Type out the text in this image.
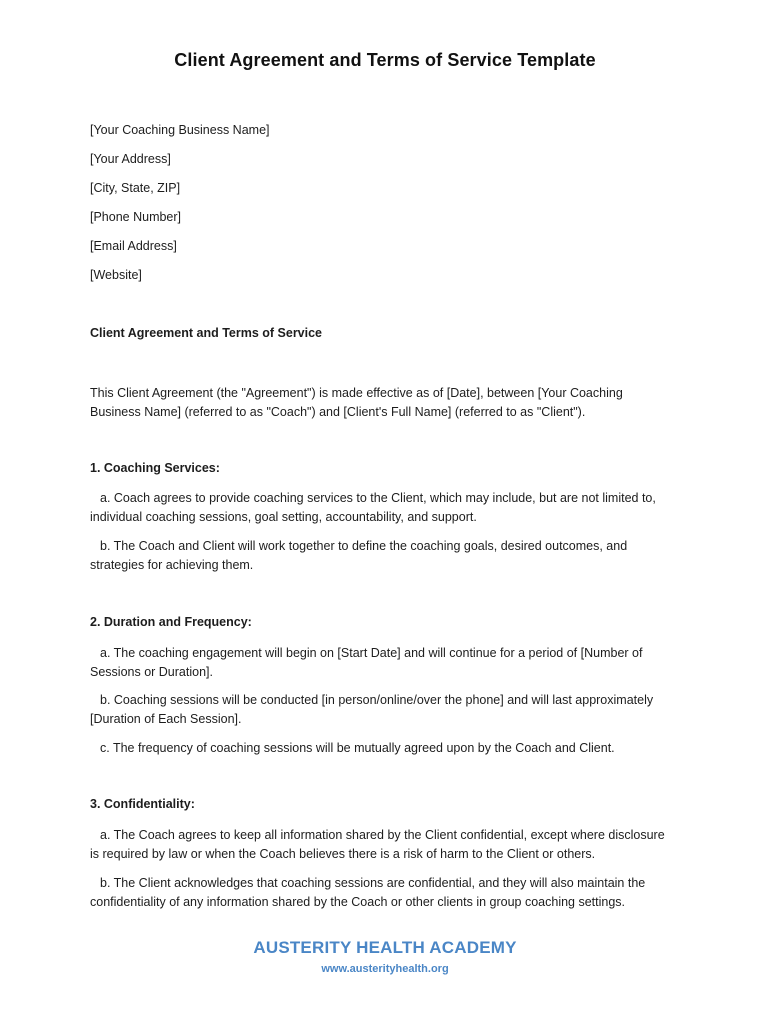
Client Agreement and Terms of Service Template
[Your Coaching Business Name]
[Your Address]
[City, State, ZIP]
[Phone Number]
[Email Address]
[Website]
Client Agreement and Terms of Service
This Client Agreement (the "Agreement") is made effective as of [Date], between [Your Coaching Business Name] (referred to as "Coach") and [Client's Full Name] (referred to as "Client").
1. Coaching Services:
a. Coach agrees to provide coaching services to the Client, which may include, but are not limited to, individual coaching sessions, goal setting, accountability, and support.
b. The Coach and Client will work together to define the coaching goals, desired outcomes, and strategies for achieving them.
2. Duration and Frequency:
a. The coaching engagement will begin on [Start Date] and will continue for a period of [Number of Sessions or Duration].
b. Coaching sessions will be conducted [in person/online/over the phone] and will last approximately [Duration of Each Session].
c. The frequency of coaching sessions will be mutually agreed upon by the Coach and Client.
3. Confidentiality:
a. The Coach agrees to keep all information shared by the Client confidential, except where disclosure is required by law or when the Coach believes there is a risk of harm to the Client or others.
b. The Client acknowledges that coaching sessions are confidential, and they will also maintain the confidentiality of any information shared by the Coach or other clients in group coaching settings.
AUSTERITY HEALTH ACADEMY
www.austerityhealth.org
